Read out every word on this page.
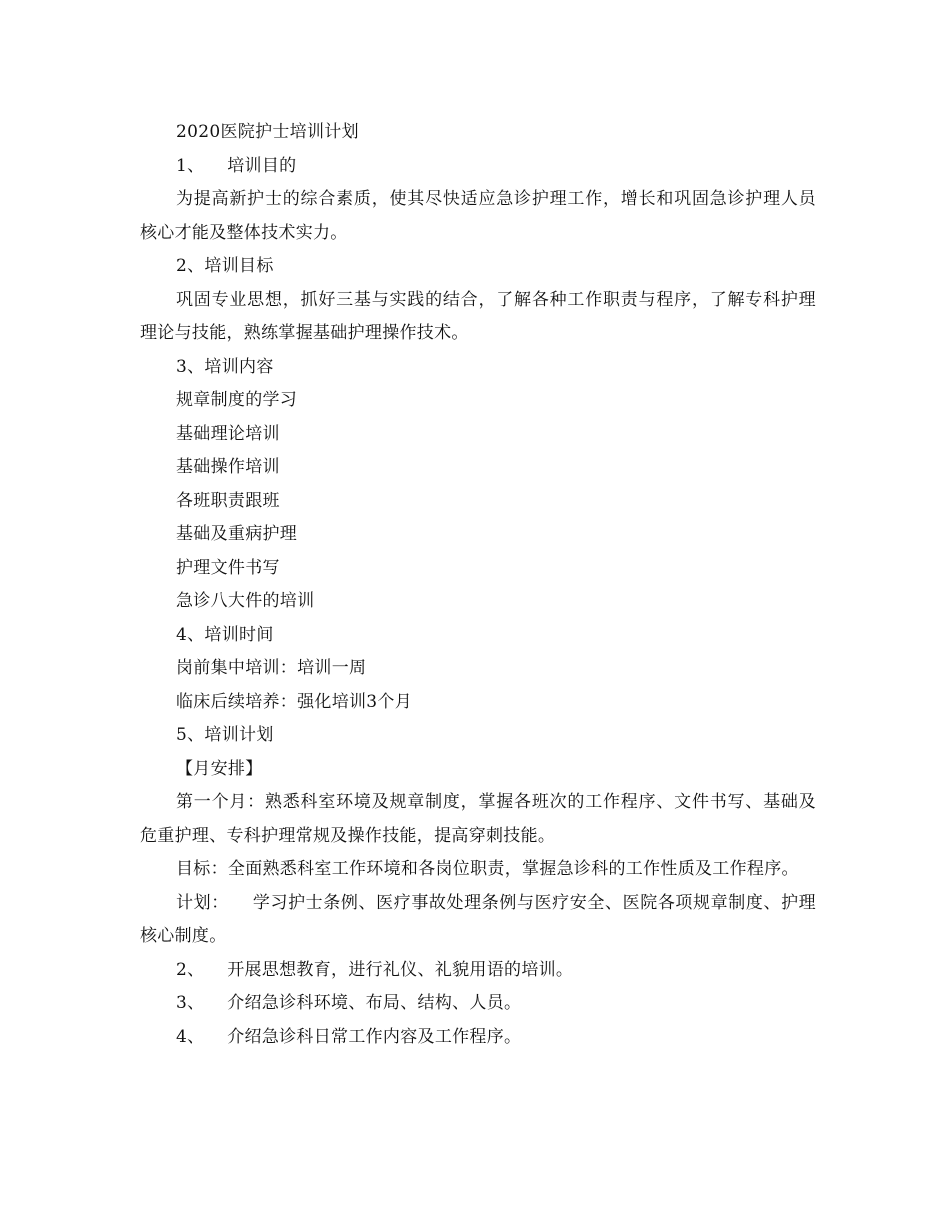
2020医院护士培训计划

1、    培训目的

为提高新护士的综合素质，使其尽快适应急诊护理工作，增长和巩固急诊护理人员核心才能及整体技术实力。

2、培训目标

巩固专业思想，抓好三基与实践的结合，了解各种工作职责与程序，了解专科护理理论与技能，熟练掌握基础护理操作技术。

3、培训内容

规章制度的学习

基础理论培训

基础操作培训

各班职责跟班

基础及重病护理

护理文件书写

急诊八大件的培训

4、培训时间

岗前集中培训：培训一周

临床后续培养：强化培训3个月

5、培训计划

【月安排】

第一个月：熟悉科室环境及规章制度，掌握各班次的工作程序、文件书写、基础及危重护理、专科护理常规及操作技能，提高穿刺技能。

目标：全面熟悉科室工作环境和各岗位职责，掌握急诊科的工作性质及工作程序。

计划：    学习护士条例、医疗事故处理条例与医疗安全、医院各项规章制度、护理核心制度。

2、    开展思想教育，进行礼仪、礼貌用语的培训。

3、    介绍急诊科环境、布局、结构、人员。

4、    介绍急诊科日常工作内容及工作程序。
